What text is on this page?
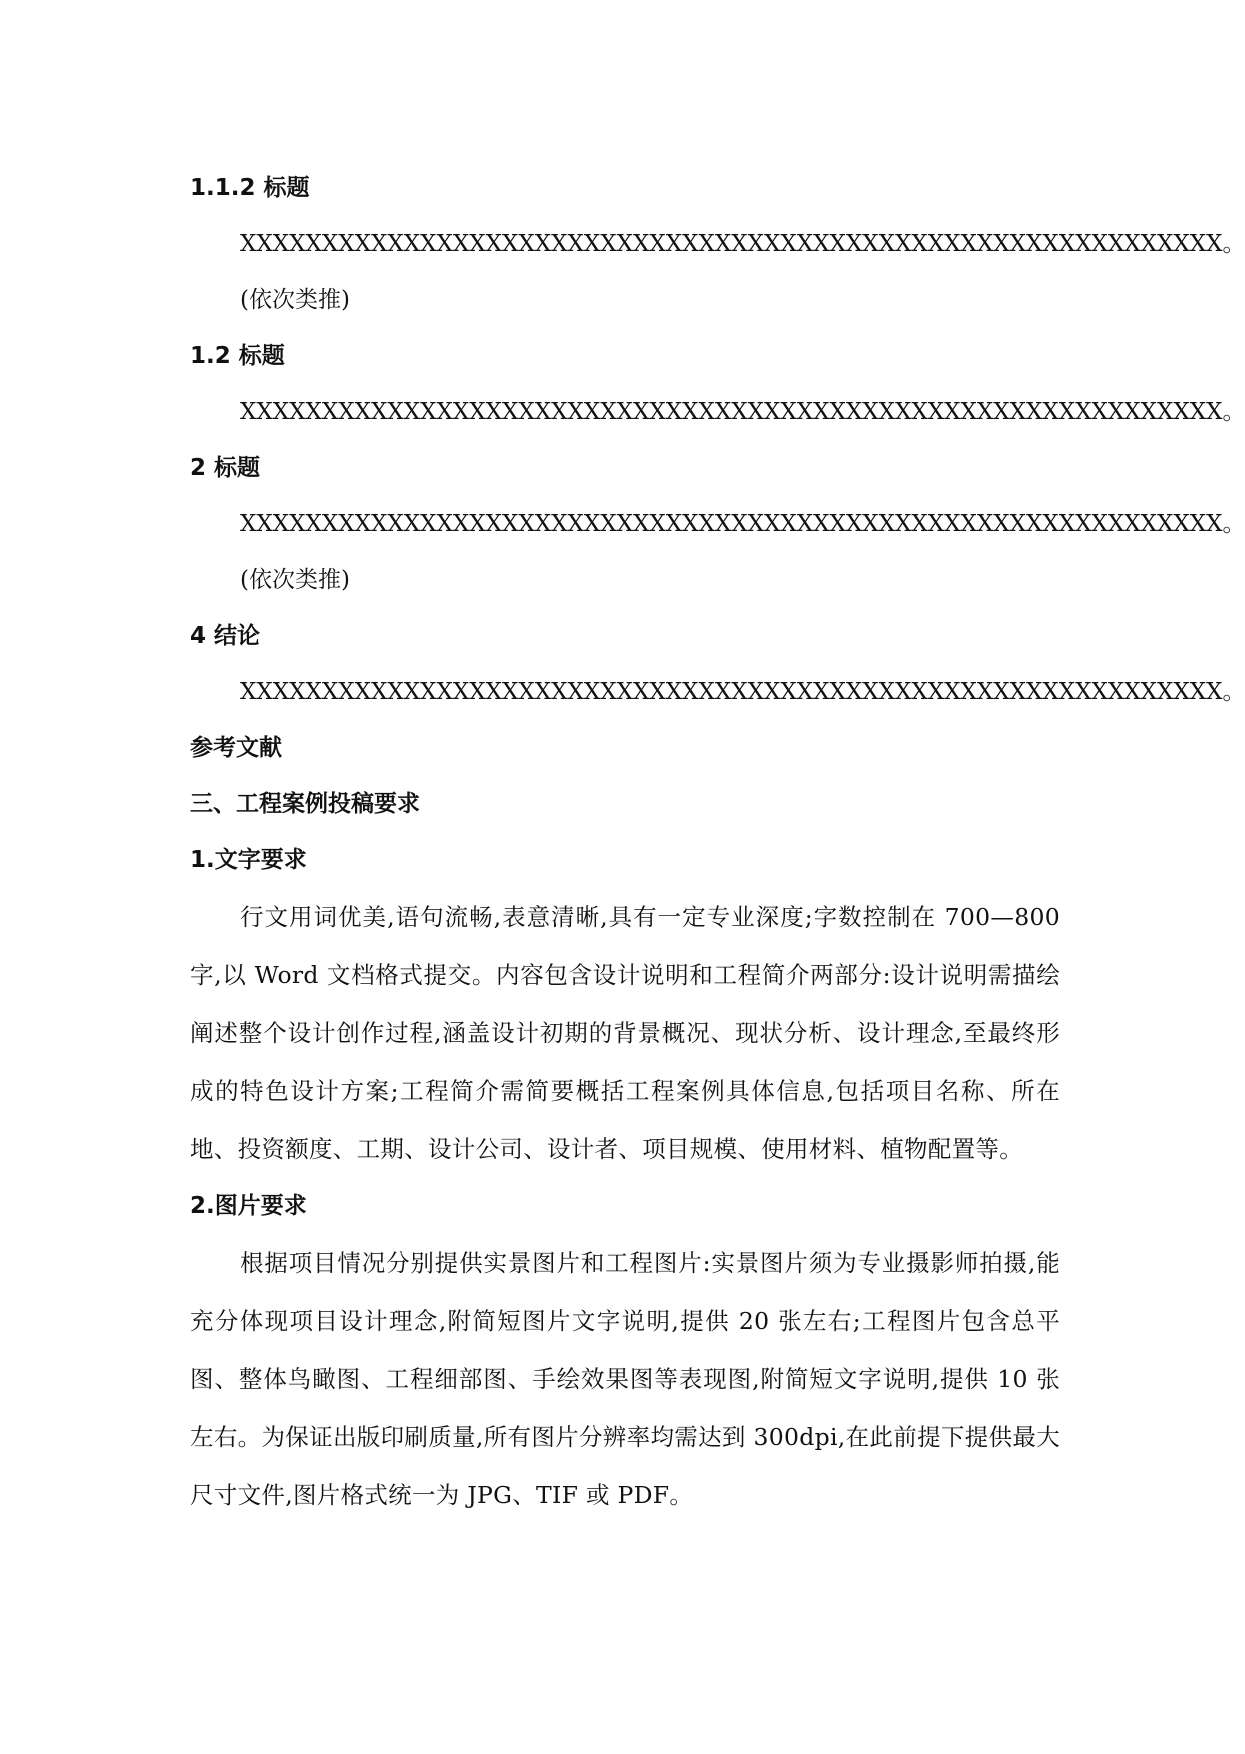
1.1.2 标题
XXXXXXXXXXXXXXXXXXXXXXXXXXXXXXXXXXXXXXXXXXXXXXXXXXXXXXXXXXXX。
(依次类推)
1.2 标题
XXXXXXXXXXXXXXXXXXXXXXXXXXXXXXXXXXXXXXXXXXXXXXXXXXXXXXXXXXXX。
2 标题
XXXXXXXXXXXXXXXXXXXXXXXXXXXXXXXXXXXXXXXXXXXXXXXXXXXXXXXXXXXX。
(依次类推)
4 结论
XXXXXXXXXXXXXXXXXXXXXXXXXXXXXXXXXXXXXXXXXXXXXXXXXXXXXXXXXXXX。
参考文献
三、工程案例投稿要求
1.文字要求

行文用词优美,语句流畅,表意清晰,具有一定专业深度;字数控制在 700—800 字,以 Word 文档格式提交。内容包含设计说明和工程简介两部分:设计说明需描绘阐述整个设计创作过程,涵盖设计初期的背景概况、现状分析、设计理念,至最终形成的特色设计方案;工程简介需简要概括工程案例具体信息,包括项目名称、所在地、投资额度、工期、设计公司、设计者、项目规模、使用材料、植物配置等。

2.图片要求

根据项目情况分别提供实景图片和工程图片:实景图片须为专业摄影师拍摄,能充分体现项目设计理念,附简短图片文字说明,提供 20 张左右;工程图片包含总平图、整体鸟瞰图、工程细部图、手绘效果图等表现图,附简短文字说明,提供 10 张左右。为保证出版印刷质量,所有图片分辨率均需达到 300dpi,在此前提下提供最大尺寸文件,图片格式统一为 JPG、TIF 或 PDF。
